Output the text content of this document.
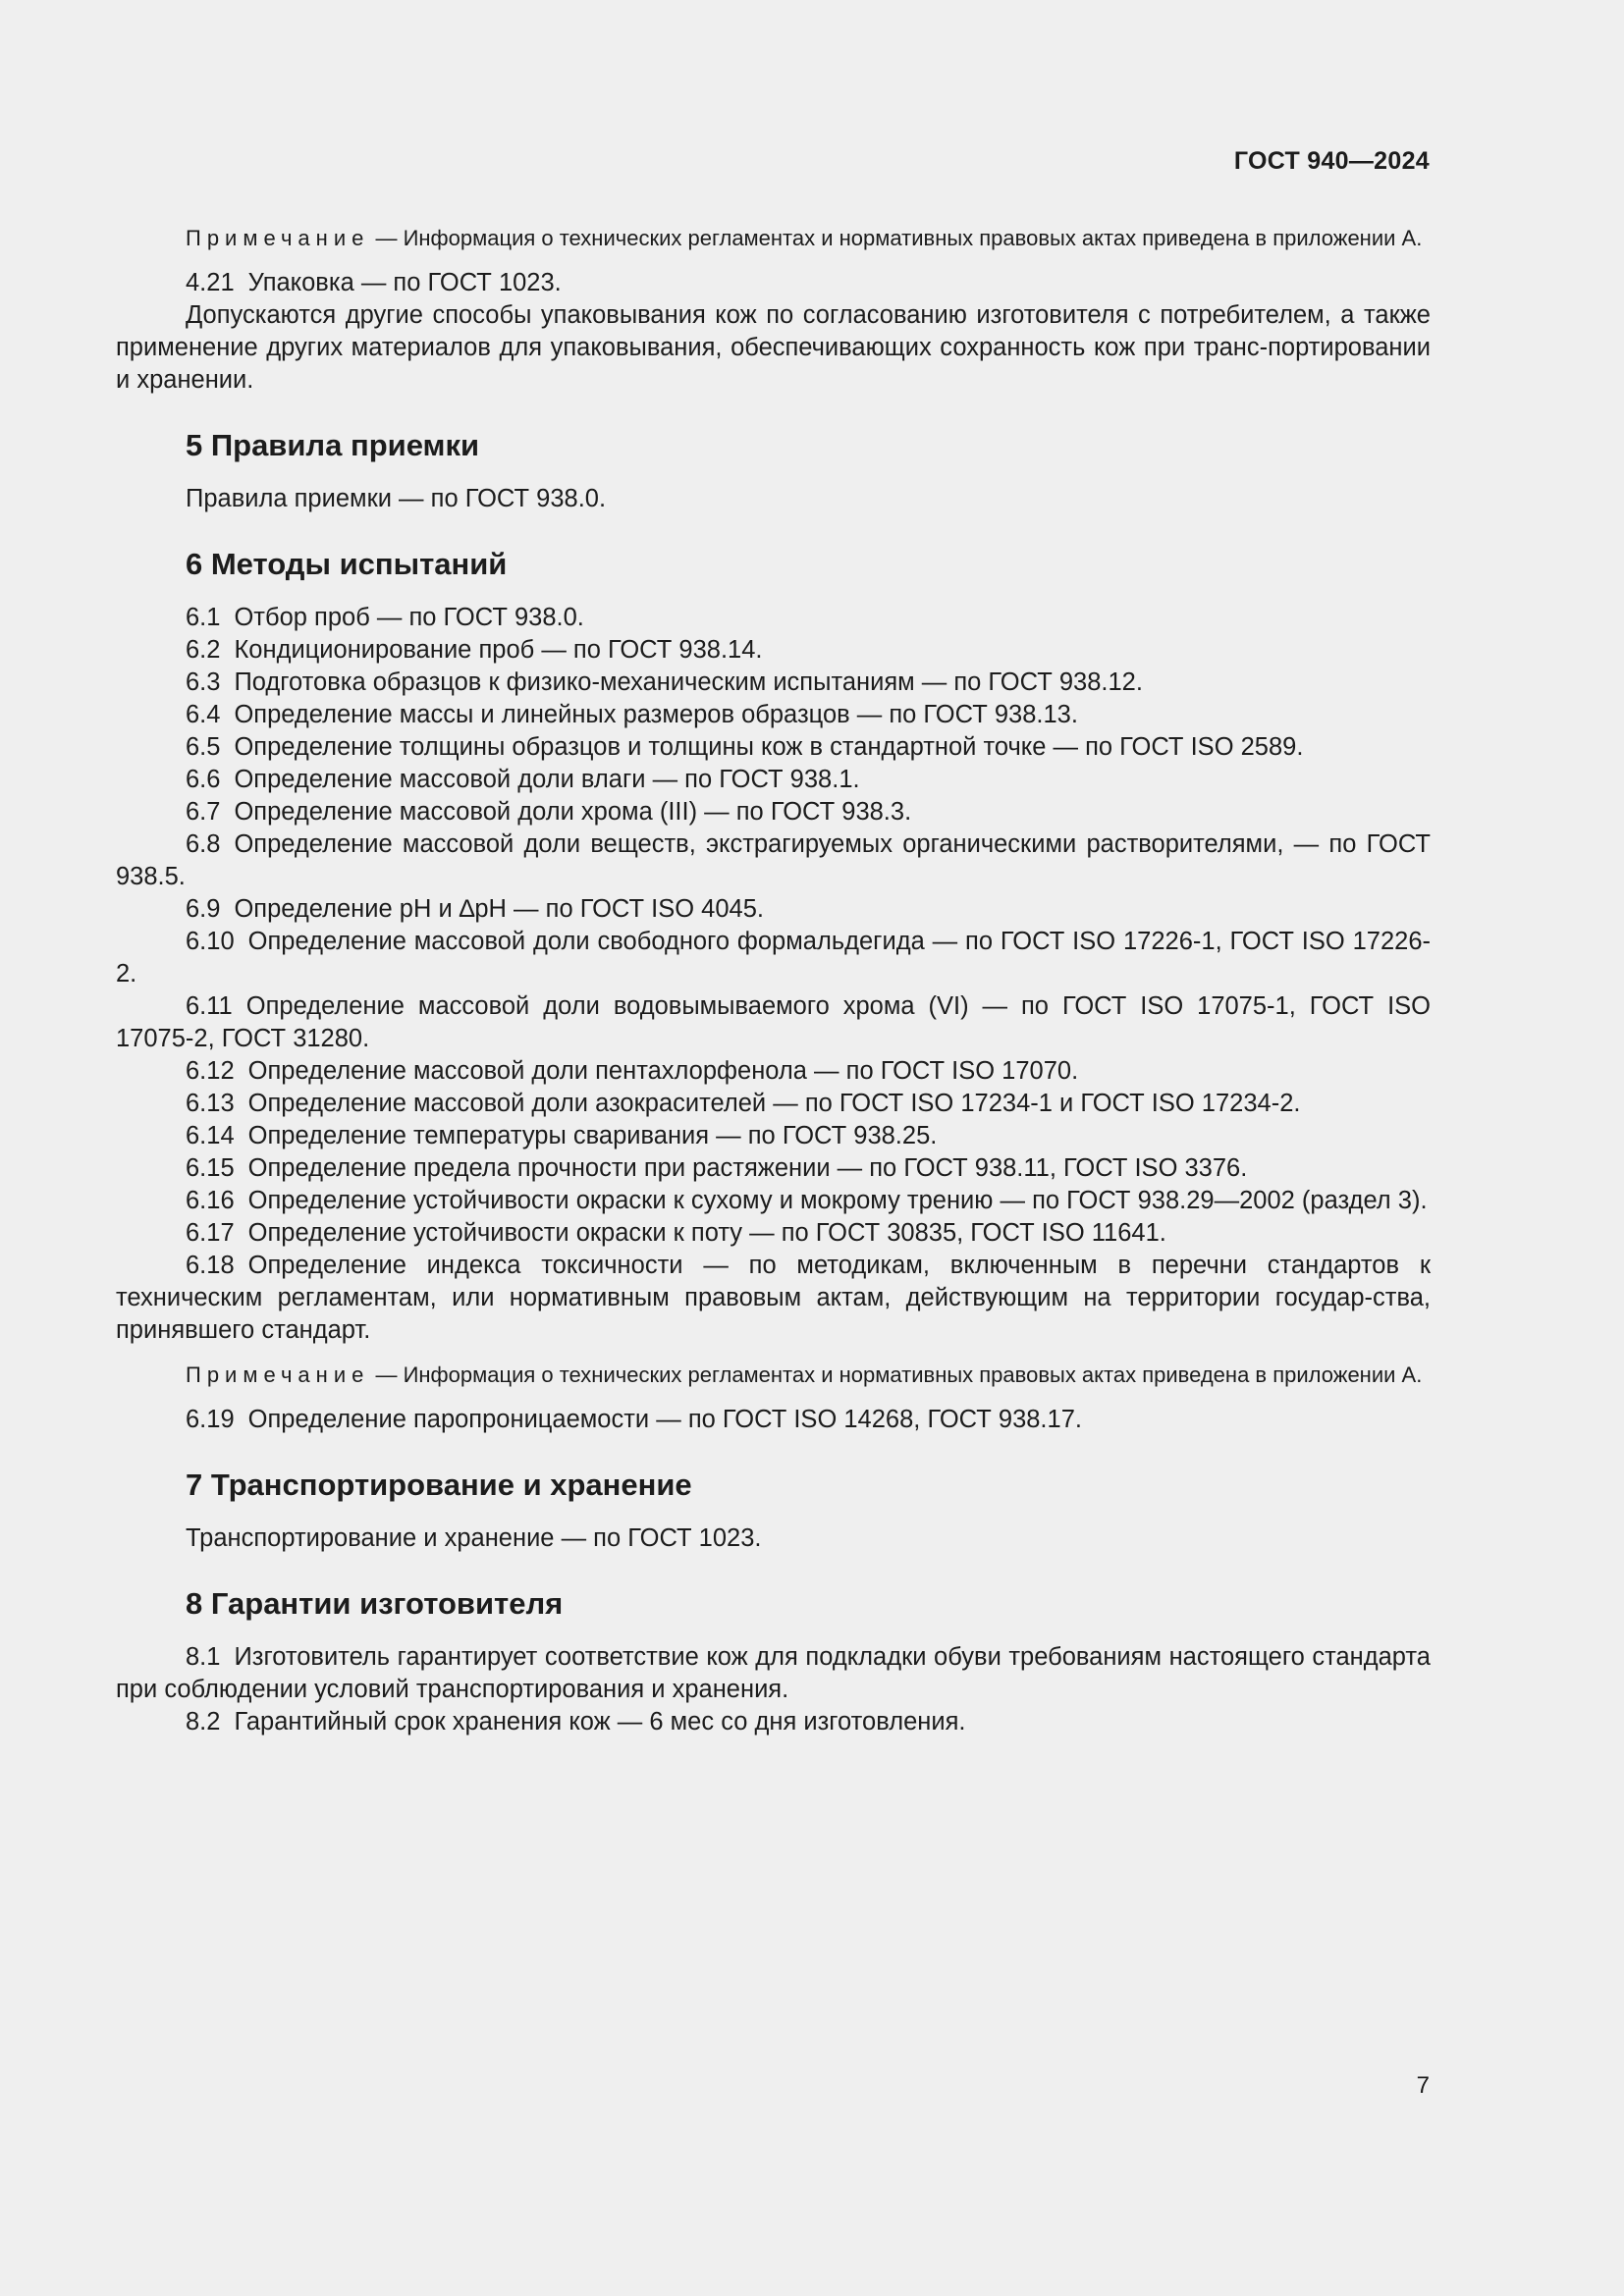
ГОСТ 940—2024

Примечание — Информация о технических регламентах и нормативных правовых актах приведена в приложении А.

4.21 Упаковка — по ГОСТ 1023.

Допускаются другие способы упаковывания кож по согласованию изготовителя с потребителем, а также применение других материалов для упаковывания, обеспечивающих сохранность кож при транс-портировании и хранении.

5 Правила приемки

Правила приемки — по ГОСТ 938.0.

6 Методы испытаний

6.1 Отбор проб — по ГОСТ 938.0.

6.2 Кондиционирование проб — по ГОСТ 938.14.

6.3 Подготовка образцов к физико-механическим испытаниям — по ГОСТ 938.12.

6.4 Определение массы и линейных размеров образцов — по ГОСТ 938.13.

6.5 Определение толщины образцов и толщины кож в стандартной точке — по ГОСТ ISO 2589.

6.6 Определение массовой доли влаги — по ГОСТ 938.1.

6.7 Определение массовой доли хрома (III) — по ГОСТ 938.3.

6.8 Определение массовой доли веществ, экстрагируемых органическими растворителями, — по ГОСТ 938.5.

6.9 Определение pH и ∆pH — по ГОСТ ISO 4045.

6.10 Определение массовой доли свободного формальдегида — по ГОСТ ISO 17226-1, ГОСТ ISO 17226-2.

6.11 Определение массовой доли водовымываемого хрома (VI) — по ГОСТ ISO 17075-1, ГОСТ ISO 17075-2, ГОСТ 31280.

6.12 Определение массовой доли пентахлорфенола — по ГОСТ ISO 17070.

6.13 Определение массовой доли азокрасителей — по ГОСТ ISO 17234-1 и ГОСТ ISO 17234-2.

6.14 Определение температуры сваривания — по ГОСТ 938.25.

6.15 Определение предела прочности при растяжении — по ГОСТ 938.11, ГОСТ ISO 3376.

6.16 Определение устойчивости окраски к сухому и мокрому трению — по ГОСТ 938.29—2002 (раздел 3).

6.17 Определение устойчивости окраски к поту — по ГОСТ 30835, ГОСТ ISO 11641.

6.18 Определение индекса токсичности — по методикам, включенным в перечни стандартов к техническим регламентам, или нормативным правовым актам, действующим на территории государ-ства, принявшего стандарт.

Примечание — Информация о технических регламентах и нормативных правовых актах приведена в приложении А.

6.19 Определение паропроницаемости — по ГОСТ ISO 14268, ГОСТ 938.17.

7 Транспортирование и хранение

Транспортирование и хранение — по ГОСТ 1023.

8 Гарантии изготовителя

8.1 Изготовитель гарантирует соответствие кож для подкладки обуви требованиям настоящего стандарта при соблюдении условий транспортирования и хранения.

8.2 Гарантийный срок хранения кож — 6 мес со дня изготовления.

7
